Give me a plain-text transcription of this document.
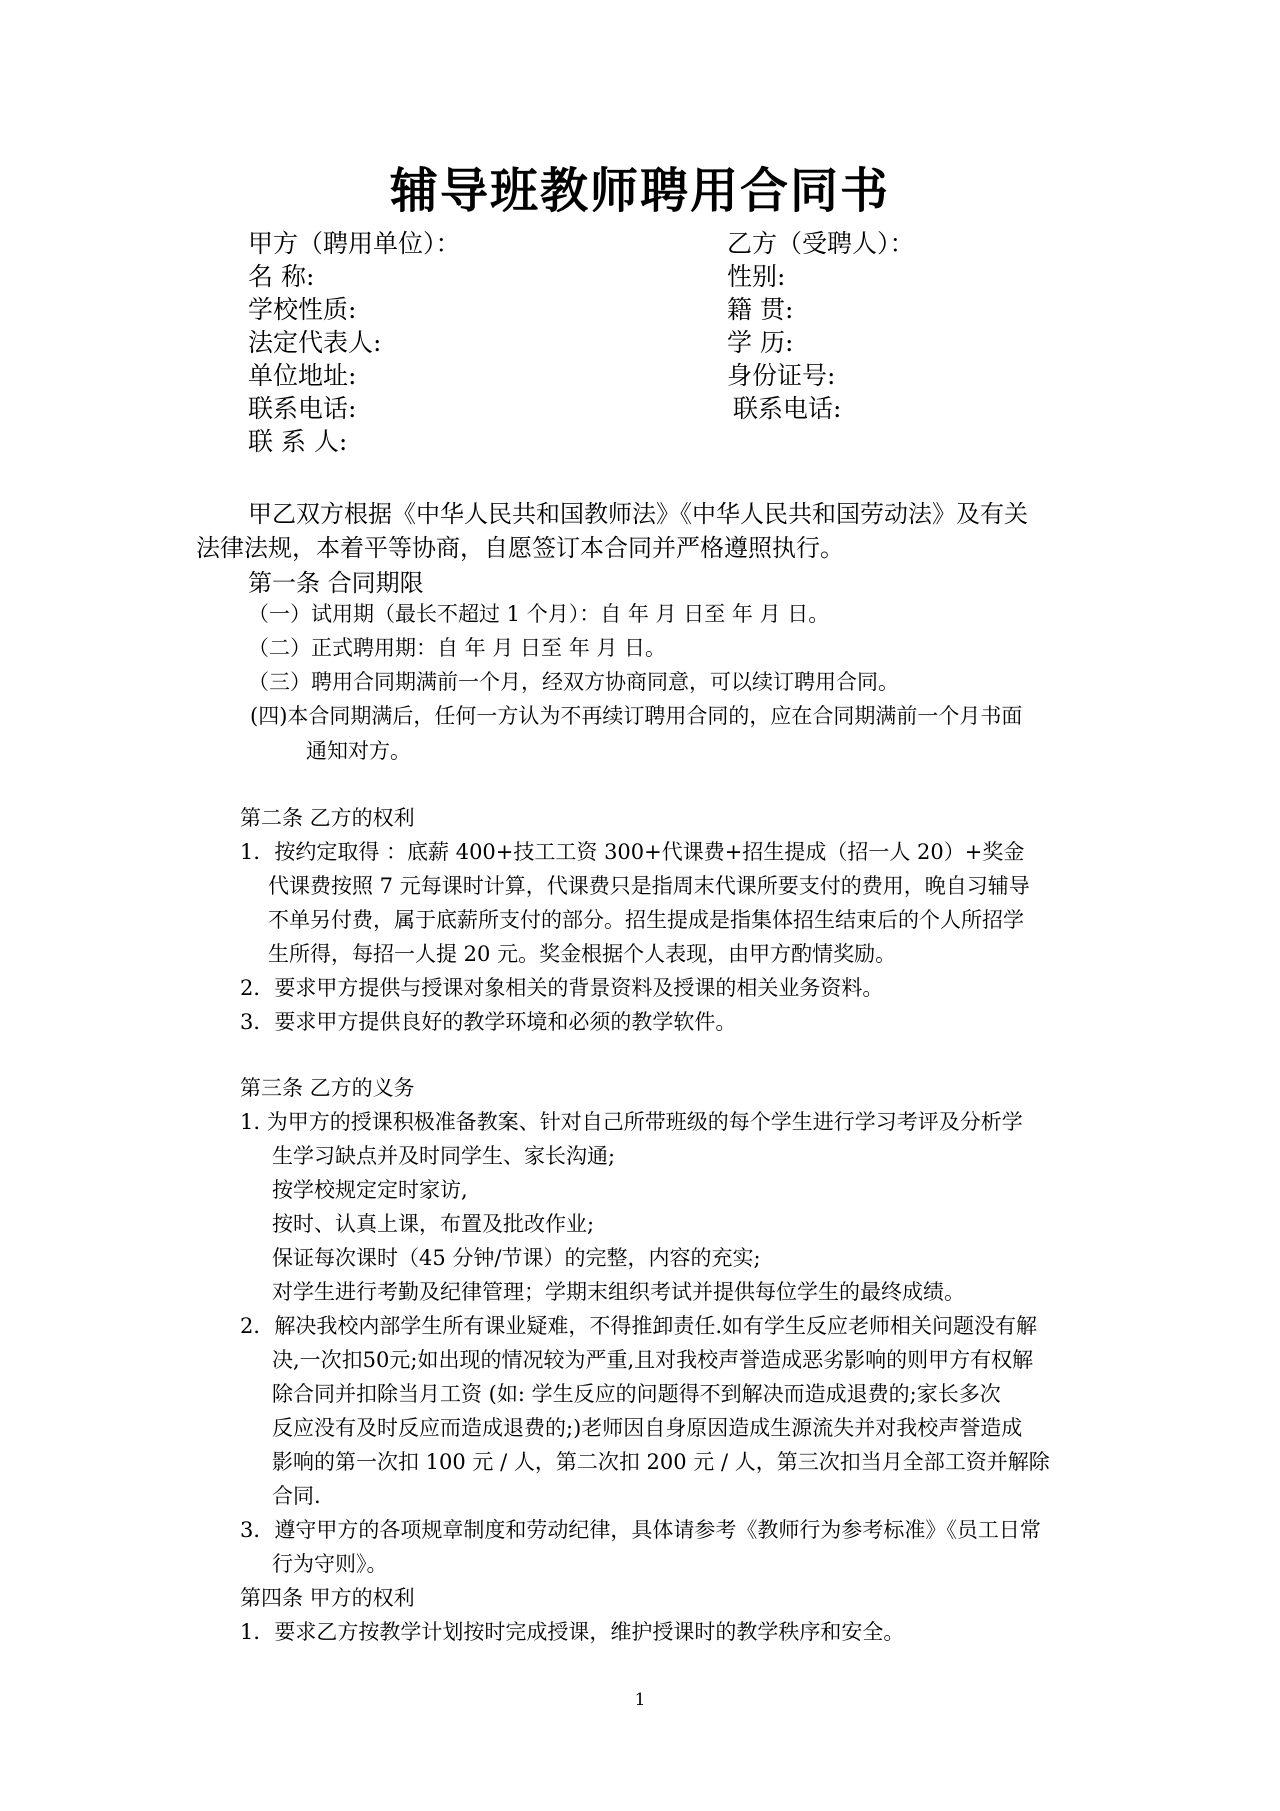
辅导班教师聘用合同书
甲方（聘用单位）：
名 称:
学校性质:
法定代表人:
单位地址:
联系电话:
联 系 人:
乙方（受聘人）：
性别:
籍 贯:
学 历:
身份证号:
联系电话:
甲乙双方根据《中华人民共和国教师法》《中华人民共和国劳动法》及有关
法律法规，本着平等协商，自愿签订本合同并严格遵照执行。
第一条 合同期限
（一）试用期（最长不超过 1 个月）：自 年 月 日至 年 月 日。
（二）正式聘用期：自 年 月 日至 年 月 日。
（三）聘用合同期满前一个月，经双方协商同意，可以续订聘用合同。
(四)本合同期满后，任何一方认为不再续订聘用合同的，应在合同期满前一个月书面
通知对方。
第二条 乙方的权利
1．按约定取得 ：底薪 400+技工工资 300+代课费+招生提成（招一人 20）+奖金
代课费按照 7 元每课时计算，代课费只是指周末代课所要支付的费用，晚自习辅导
不单另付费，属于底薪所支付的部分。招生提成是指集体招生结束后的个人所招学
生所得，每招一人提 20 元。奖金根据个人表现，由甲方酌情奖励。
2．要求甲方提供与授课对象相关的背景资料及授课的相关业务资料。
3．要求甲方提供良好的教学环境和必须的教学软件。
第三条 乙方的义务
1. 为甲方的授课积极准备教案、针对自己所带班级的每个学生进行学习考评及分析学
生学习缺点并及时同学生、家长沟通;
按学校规定定时家访,
按时、认真上课，布置及批改作业;
保证每次课时（45 分钟/节课）的完整，内容的充实;
对学生进行考勤及纪律管理；学期末组织考试并提供每位学生的最终成绩。
2．解决我校内部学生所有课业疑难，不得推卸责任.如有学生反应老师相关问题没有解
决,一次扣50元;如出现的情况较为严重,且对我校声誉造成恶劣影响的则甲方有权解
除合同并扣除当月工资 (如: 学生反应的问题得不到解决而造成退费的;家长多次
反应没有及时反应而造成退费的;)老师因自身原因造成生源流失并对我校声誉造成
影响的第一次扣 100 元 / 人，第二次扣 200 元 / 人，第三次扣当月全部工资并解除
合同.
3．遵守甲方的各项规章制度和劳动纪律，具体请参考《教师行为参考标准》《员工日常
行为守则》。
第四条 甲方的权利
1．要求乙方按教学计划按时完成授课，维护授课时的教学秩序和安全。
1
